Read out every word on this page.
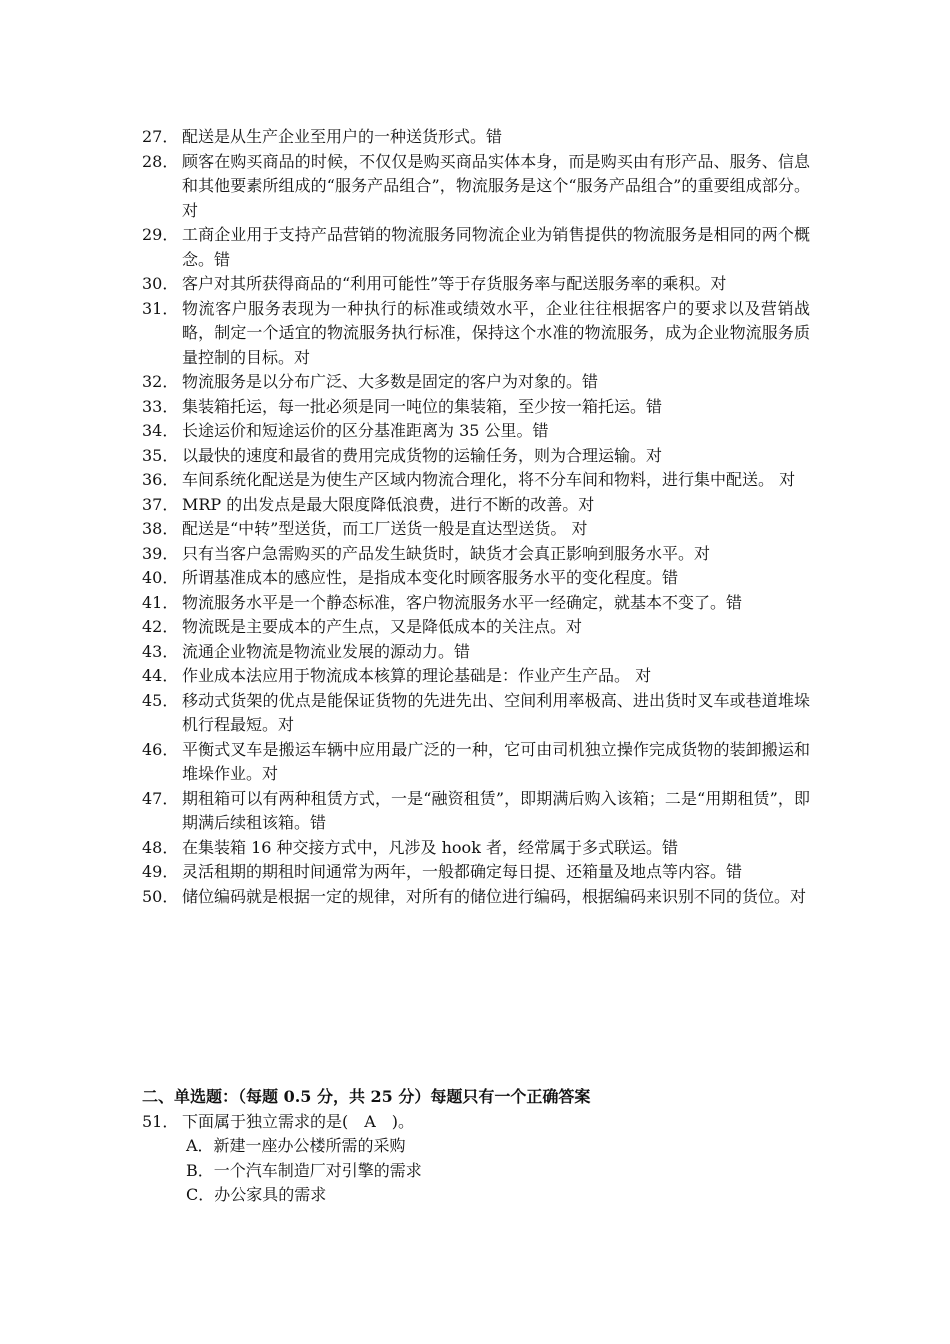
27． 配送是从生产企业至用户的一种送货形式。错
28． 顾客在购买商品的时候，不仅仅是购买商品实体本身，而是购买由有形产品、服务、信息和其他要素所组成的“服务产品组合”，物流服务是这个“服务产品组合”的重要组成部分。对
29． 工商企业用于支持产品营销的物流服务同物流企业为销售提供的物流服务是相同的两个概念。错
30． 客户对其所获得商品的“利用可能性”等于存货服务率与配送服务率的乘积。对
31． 物流客户服务表现为一种执行的标准或绩效水平，企业往往根据客户的要求以及营销战略，制定一个适宜的物流服务执行标准，保持这个水准的物流服务，成为企业物流服务质量控制的目标。对
32． 物流服务是以分布广泛、大多数是固定的客户为对象的。错
33． 集装箱托运，每一批必须是同一吨位的集装箱，至少按一箱托运。错
34． 长途运价和短途运价的区分基准距离为 35 公里。错
35． 以最快的速度和最省的费用完成货物的运输任务，则为合理运输。对
36． 车间系统化配送是为使生产区域内物流合理化，将不分车间和物料，进行集中配送。 对
37． MRP 的出发点是最大限度降低浪费，进行不断的改善。对
38． 配送是“中转”型送货，而工厂送货一般是直达型送货。 对
39． 只有当客户急需购买的产品发生缺货时，缺货才会真正影响到服务水平。对
40． 所谓基准成本的感应性，是指成本变化时顾客服务水平的变化程度。错
41． 物流服务水平是一个静态标准，客户物流服务水平一经确定，就基本不变了。错
42． 物流既是主要成本的产生点，又是降低成本的关注点。对
43． 流通企业物流是物流业发展的源动力。错
44． 作业成本法应用于物流成本核算的理论基础是：作业产生产品。 对
45． 移动式货架的优点是能保证货物的先进先出、空间利用率极高、进出货时叉车或巷道堆垛机行程最短。对
46． 平衡式叉车是搬运车辆中应用最广泛的一种，它可由司机独立操作完成货物的装卸搬运和堆垛作业。对
47． 期租箱可以有两种租赁方式，一是“融资租赁”，即期满后购入该箱；二是“用期租赁”，即期满后续租该箱。错
48． 在集装箱 16 种交接方式中，凡涉及 hook 者，经常属于多式联运。错
49． 灵活租期的期租时间通常为两年，一般都确定每日提、还箱量及地点等内容。错
50． 储位编码就是根据一定的规律，对所有的储位进行编码，根据编码来识别不同的货位。对
二、单选题：（每题 0.5 分，共 25 分）每题只有一个正确答案
51． 下面属于独立需求的是(　A　)。
A．新建一座办公楼所需的采购
B．一个汽车制造厂对引擎的需求
C．办公家具的需求
